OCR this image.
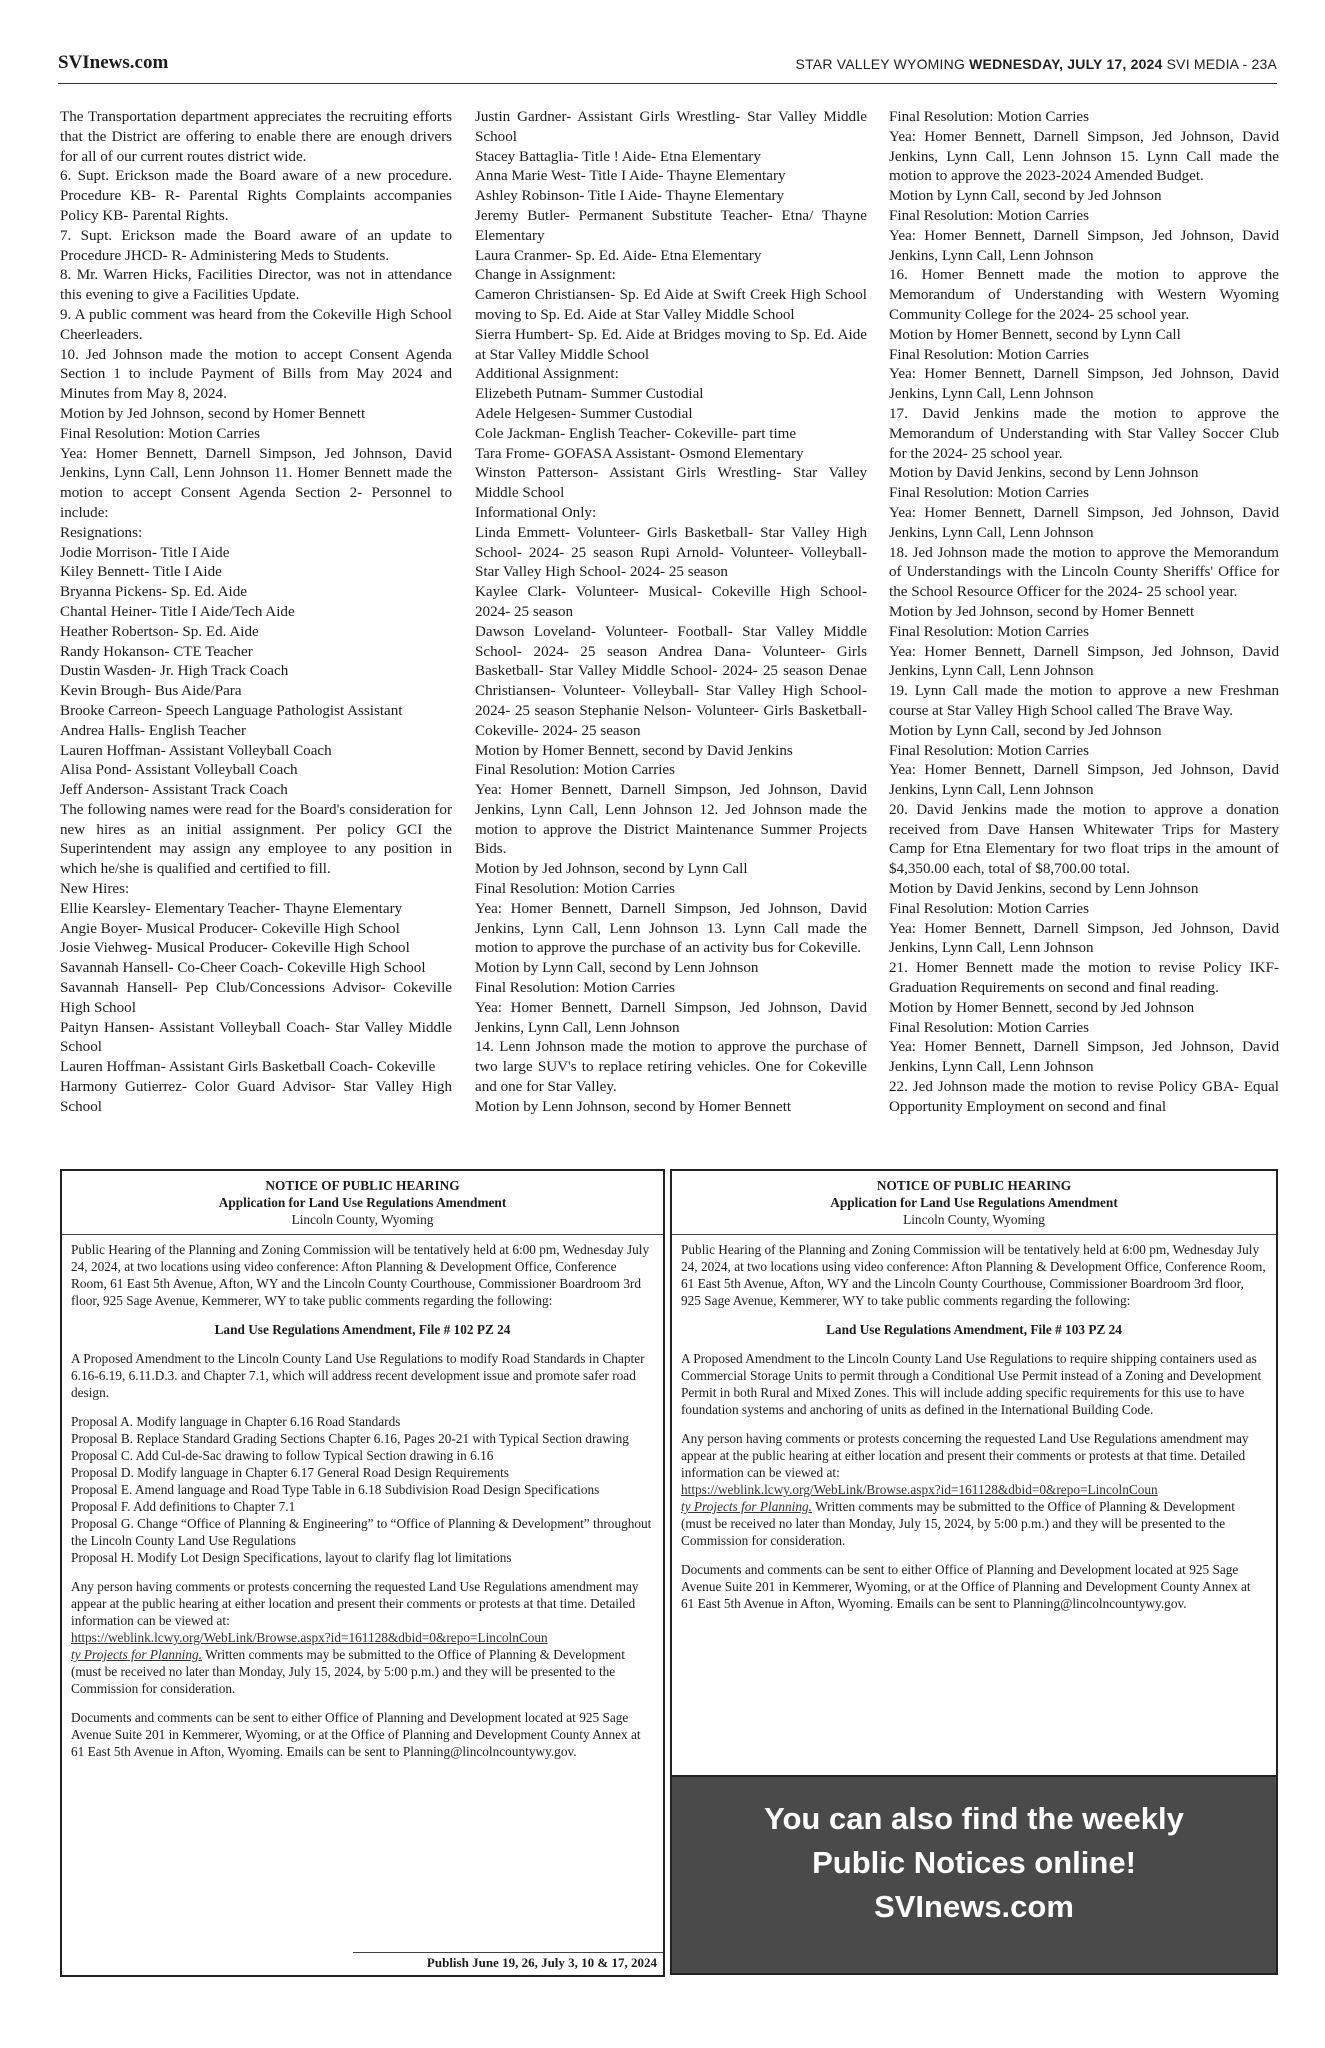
SVInews.com	STAR VALLEY WYOMING WEDNESDAY, JULY 17, 2024 SVI MEDIA - 23A

The Transportation department appreciates the recruiting efforts that the District are offering to enable there are enough drivers for all of our current routes district wide.

6. Supt. Erickson made the Board aware of a new procedure. Procedure KB- R- Parental Rights Complaints accompanies Policy KB- Parental Rights.

7. Supt. Erickson made the Board aware of an update to Procedure JHCD- R- Administering Meds to Students.

8. Mr. Warren Hicks, Facilities Director, was not in attendance this evening to give a Facilities Update.

9. A public comment was heard from the Cokeville High School Cheerleaders.

10. Jed Johnson made the motion to accept Consent Agenda Section 1 to include Payment of Bills from May 2024 and Minutes from May 8, 2024.

Motion by Jed Johnson, second by Homer Bennett

Final Resolution: Motion Carries

Yea: Homer Bennett, Darnell Simpson, Jed Johnson, David Jenkins, Lynn Call, Lenn Johnson 11. Homer Bennett made the motion to accept Consent Agenda Section 2- Personnel to include:

Resignations:

Jodie Morrison- Title I Aide

Kiley Bennett- Title I Aide

Bryanna Pickens- Sp. Ed. Aide

Chantal Heiner- Title I Aide/Tech Aide

Heather Robertson- Sp. Ed. Aide

Randy Hokanson- CTE Teacher

Dustin Wasden- Jr. High Track Coach

Kevin Brough- Bus Aide/Para

Brooke Carreon- Speech Language Pathologist Assistant

Andrea Halls- English Teacher

Lauren Hoffman- Assistant Volleyball Coach

Alisa Pond- Assistant Volleyball Coach

Jeff Anderson- Assistant Track Coach

The following names were read for the Board's consideration for new hires as an initial assignment. Per policy GCI the Superintendent may assign any employee to any position in which he/she is qualified and certified to fill.

New Hires:

Ellie Kearsley- Elementary Teacher- Thayne Elementary

Angie Boyer- Musical Producer- Cokeville High School

Josie Viehweg- Musical Producer- Cokeville High School

Savannah Hansell- Co-Cheer Coach- Cokeville High School

Savannah Hansell- Pep Club/Concessions Advisor- Cokeville High School

Paityn Hansen- Assistant Volleyball Coach- Star Valley Middle School

Lauren Hoffman- Assistant Girls Basketball Coach- Cokeville

Harmony Gutierrez- Color Guard Advisor- Star Valley High School

Justin Gardner- Assistant Girls Wrestling- Star Valley Middle School

Stacey Battaglia- Title ! Aide- Etna Elementary

Anna Marie West- Title I Aide- Thayne Elementary

Ashley Robinson- Title I Aide- Thayne Elementary

Jeremy Butler- Permanent Substitute Teacher- Etna/ Thayne Elementary

Laura Cranmer- Sp. Ed. Aide- Etna Elementary

Change in Assignment:

Cameron Christiansen- Sp. Ed Aide at Swift Creek High School moving to Sp. Ed. Aide at Star Valley Middle School

Sierra Humbert- Sp. Ed. Aide at Bridges moving to Sp. Ed. Aide at Star Valley Middle School

Additional Assignment:

Elizebeth Putnam- Summer Custodial

Adele Helgesen- Summer Custodial

Cole Jackman- English Teacher- Cokeville- part time

Tara Frome- GOFASA Assistant- Osmond Elementary

Winston Patterson- Assistant Girls Wrestling- Star Valley Middle School

Informational Only:

Linda Emmett- Volunteer- Girls Basketball- Star Valley High School- 2024- 25 season Rupi Arnold- Volunteer- Volleyball- Star Valley High School- 2024- 25 season

Kaylee Clark- Volunteer- Musical- Cokeville High School- 2024- 25 season

Dawson Loveland- Volunteer- Football- Star Valley Middle School- 2024- 25 season Andrea Dana- Volunteer- Girls Basketball- Star Valley Middle School- 2024- 25 season Denae Christiansen- Volunteer- Volleyball- Star Valley High School- 2024- 25 season Stephanie Nelson- Volunteer- Girls Basketball- Cokeville- 2024- 25 season

Motion by Homer Bennett, second by David Jenkins

Final Resolution: Motion Carries

Yea: Homer Bennett, Darnell Simpson, Jed Johnson, David Jenkins, Lynn Call, Lenn Johnson 12. Jed Johnson made the motion to approve the District Maintenance Summer Projects Bids.

Motion by Jed Johnson, second by Lynn Call

Final Resolution: Motion Carries

Yea: Homer Bennett, Darnell Simpson, Jed Johnson, David Jenkins, Lynn Call, Lenn Johnson 13. Lynn Call made the motion to approve the purchase of an activity bus for Cokeville.

Motion by Lynn Call, second by Lenn Johnson

Final Resolution: Motion Carries

Yea: Homer Bennett, Darnell Simpson, Jed Johnson, David Jenkins, Lynn Call, Lenn Johnson

14. Lenn Johnson made the motion to approve the purchase of two large SUV's to replace retiring vehicles. One for Cokeville and one for Star Valley.

Motion by Lenn Johnson, second by Homer Bennett

Final Resolution: Motion Carries

Yea: Homer Bennett, Darnell Simpson, Jed Johnson, David Jenkins, Lynn Call, Lenn Johnson 15. Lynn Call made the motion to approve the 2023-2024 Amended Budget.

Motion by Lynn Call, second by Jed Johnson

Final Resolution: Motion Carries

Yea: Homer Bennett, Darnell Simpson, Jed Johnson, David Jenkins, Lynn Call, Lenn Johnson

16. Homer Bennett made the motion to approve the Memorandum of Understanding with Western Wyoming Community College for the 2024- 25 school year.

Motion by Homer Bennett, second by Lynn Call

Final Resolution: Motion Carries

Yea: Homer Bennett, Darnell Simpson, Jed Johnson, David Jenkins, Lynn Call, Lenn Johnson

17. David Jenkins made the motion to approve the Memorandum of Understanding with Star Valley Soccer Club for the 2024- 25 school year.

Motion by David Jenkins, second by Lenn Johnson

Final Resolution: Motion Carries

Yea: Homer Bennett, Darnell Simpson, Jed Johnson, David Jenkins, Lynn Call, Lenn Johnson

18. Jed Johnson made the motion to approve the Memorandum of Understandings with the Lincoln County Sheriffs' Office for the School Resource Officer for the 2024- 25 school year.

Motion by Jed Johnson, second by Homer Bennett

Final Resolution: Motion Carries

Yea: Homer Bennett, Darnell Simpson, Jed Johnson, David Jenkins, Lynn Call, Lenn Johnson

19. Lynn Call made the motion to approve a new Freshman course at Star Valley High School called The Brave Way.

Motion by Lynn Call, second by Jed Johnson

Final Resolution: Motion Carries

Yea: Homer Bennett, Darnell Simpson, Jed Johnson, David Jenkins, Lynn Call, Lenn Johnson

20. David Jenkins made the motion to approve a donation received from Dave Hansen Whitewater Trips for Mastery Camp for Etna Elementary for two float trips in the amount of $4,350.00 each, total of $8,700.00 total.

Motion by David Jenkins, second by Lenn Johnson

Final Resolution: Motion Carries

Yea: Homer Bennett, Darnell Simpson, Jed Johnson, David Jenkins, Lynn Call, Lenn Johnson

21. Homer Bennett made the motion to revise Policy IKF- Graduation Requirements on second and final reading.

Motion by Homer Bennett, second by Jed Johnson

Final Resolution: Motion Carries

Yea: Homer Bennett, Darnell Simpson, Jed Johnson, David Jenkins, Lynn Call, Lenn Johnson

22. Jed Johnson made the motion to revise Policy GBA- Equal Opportunity Employment on second and final

NOTICE OF PUBLIC HEARING
Application for Land Use Regulations Amendment
Lincoln County, Wyoming

Public Hearing of the Planning and Zoning Commission will be tentatively held at 6:00 pm, Wednesday July 24, 2024, at two locations using video conference: Afton Planning & Development Office, Conference Room, 61 East 5th Avenue, Afton, WY and the Lincoln County Courthouse, Commissioner Boardroom 3rd floor, 925 Sage Avenue, Kemmerer, WY to take public comments regarding the following:

Land Use Regulations Amendment, File # 102 PZ 24

A Proposed Amendment to the Lincoln County Land Use Regulations to modify Road Standards in Chapter 6.16-6.19, 6.11.D.3. and Chapter 7.1, which will address recent development issue and promote safer road design.

Proposal A. Modify language in Chapter 6.16 Road Standards

Proposal B. Replace Standard Grading Sections Chapter 6.16, Pages 20-21 with Typical Section drawing

Proposal C. Add Cul-de-Sac drawing to follow Typical Section drawing in 6.16

Proposal D. Modify language in Chapter 6.17 General Road Design Requirements

Proposal E. Amend language and Road Type Table in 6.18 Subdivision Road Design Specifications

Proposal F. Add definitions to Chapter 7.1

Proposal G. Change “Office of Planning & Engineering” to “Office of Planning & Development” throughout the Lincoln County Land Use Regulations

Proposal H. Modify Lot Design Specifications, layout to clarify flag lot limitations

Any person having comments or protests concerning the requested Land Use Regulations amendment may appear at the public hearing at either location and present their comments or protests at that time. Detailed information can be viewed at:
https://weblink.lcwy.org/WebLink/Browse.aspx?id=161128&dbid=0&repo=LincolnCoun
ty Projects for Planning. Written comments may be submitted to the Office of Planning & Development (must be received no later than Monday, July 15, 2024, by 5:00 p.m.) and they will be presented to the Commission for consideration.

Documents and comments can be sent to either Office of Planning and Development located at 925 Sage Avenue Suite 201 in Kemmerer, Wyoming, or at the Office of Planning and Development County Annex at 61 East 5th Avenue in Afton, Wyoming. Emails can be sent to Planning@lincolncountywy.gov.

Publish June 19, 26, July 3, 10 & 17, 2024
NOTICE OF PUBLIC HEARING
Application for Land Use Regulations Amendment
Lincoln County, Wyoming

Public Hearing of the Planning and Zoning Commission will be tentatively held at 6:00 pm, Wednesday July 24, 2024, at two locations using video conference: Afton Planning & Development Office, Conference Room, 61 East 5th Avenue, Afton, WY and the Lincoln County Courthouse, Commissioner Boardroom 3rd floor, 925 Sage Avenue, Kemmerer, WY to take public comments regarding the following:

Land Use Regulations Amendment, File # 103 PZ 24

A Proposed Amendment to the Lincoln County Land Use Regulations to require shipping containers used as Commercial Storage Units to permit through a Conditional Use Permit instead of a Zoning and Development Permit in both Rural and Mixed Zones. This will include adding specific requirements for this use to have foundation systems and anchoring of units as defined in the International Building Code.

Any person having comments or protests concerning the requested Land Use Regulations amendment may appear at the public hearing at either location and present their comments or protests at that time. Detailed information can be viewed at:
https://weblink.lcwy.org/WebLink/Browse.aspx?id=161128&dbid=0&repo=LincolnCoun
ty Projects for Planning. Written comments may be submitted to the Office of Planning & Development (must be received no later than Monday, July 15, 2024, by 5:00 p.m.) and they will be presented to the Commission for consideration.

Documents and comments can be sent to either Office of Planning and Development located at 925 Sage Avenue Suite 201 in Kemmerer, Wyoming, or at the Office of Planning and Development County Annex at 61 East 5th Avenue in Afton, Wyoming. Emails can be sent to Planning@lincolncountywy.gov.

You can also find the weekly
Public Notices online!
SVInews.com
